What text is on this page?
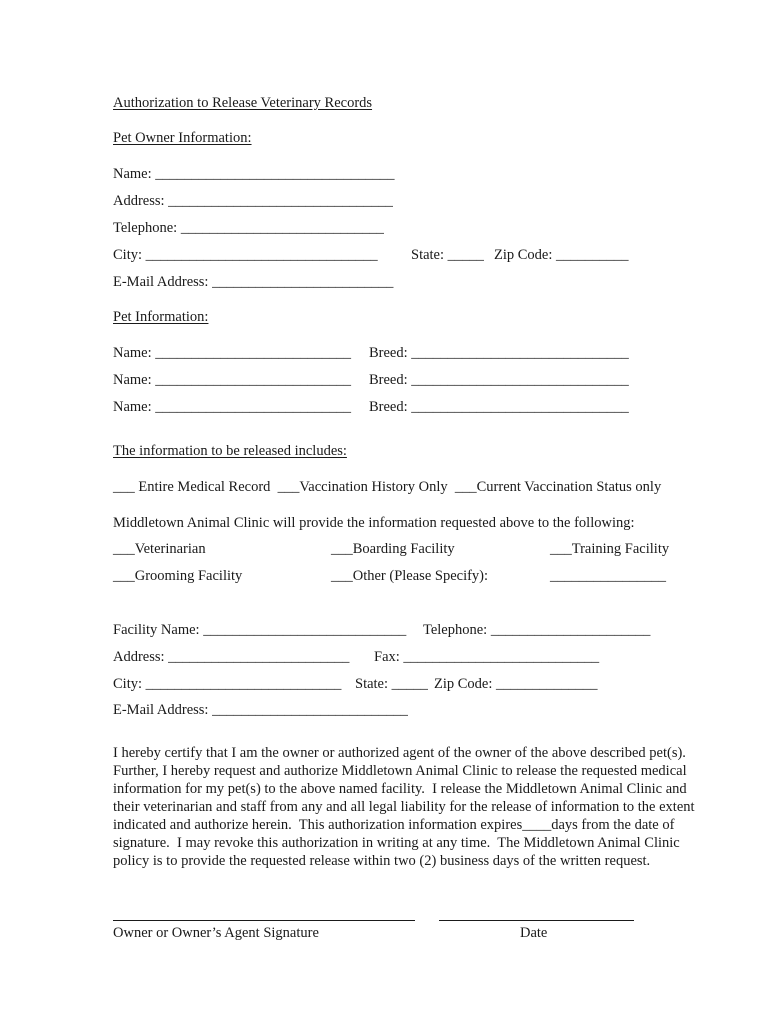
Authorization to Release Veterinary Records
Pet Owner Information:
Name: _________________________________
Address: _______________________________
Telephone: ____________________________
City: ________________________________ State: _____ Zip Code: __________
E-Mail Address: _________________________
Pet Information:
Name: ___________________________ Breed: ______________________________
Name: ___________________________ Breed: ______________________________
Name: ___________________________ Breed: ______________________________
The information to be released includes:
___ Entire Medical Record  ___Vaccination History Only  ___Current Vaccination Status only
Middletown Animal Clinic will provide the information requested above to the following:
___Veterinarian	___Boarding Facility	___Training Facility
___Grooming Facility	___Other (Please Specify):	________________
Facility Name: ____________________________ Telephone: ______________________
Address: _________________________ Fax: ___________________________
City: ___________________________ State: _____ Zip Code: ______________
E-Mail Address: ___________________________
I hereby certify that I am the owner or authorized agent of the owner of the above described pet(s).
Further, I hereby request and authorize Middletown Animal Clinic to release the requested medical
information for my pet(s) to the above named facility.  I release the Middletown Animal Clinic and
their veterinarian and staff from any and all legal liability for the release of information to the extent
indicated and authorize herein.  This authorization information expires____days from the date of
signature.  I may revoke this authorization in writing at any time.  The Middletown Animal Clinic
policy is to provide the requested release within two (2) business days of the written request.
Owner or Owner’s Agent Signature	Date
